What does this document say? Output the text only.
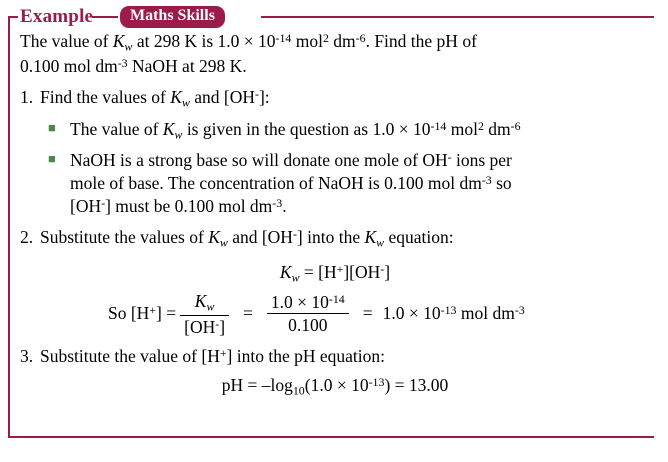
Example	Maths Skills

The value of $K_w$ at 298 K is $1.0 \times 10^{-14}$ mol$^2$ $dm^{-6}$. Find the pH of
0.100 mol $dm^{-3}$ NaOH at 298 K.

1. Find the values of $K_w$ and [OH-]:
■ The value of $K_w$ is given in the question as $1.0 \times 10^{-14}$ mol$^2$ $dm^{-6}$
■ NaOH is a strong base so will donate one mole of OH- ions per
mole of base. The concentration of NaOH is 0.100 mol $dm^{-3}$ so
[OH-] must be 0.100 mol $dm^{-3}$.
2. Substitute the values of $K_w$ and [OH-] into the $K_w$ equation:
$K_w = [H^+][OH^-]$
So $[H^+] = \frac{K_w}{[OH^-]} = \frac{1.0 \times 10^{-14}}{0.100} = 1.0 \times 10^{-13}$ mol $dm^{-3}$
3. Substitute the value of [H+] into the pH equation:
pH = $-\log_{10}(1.0 \times 10^{-13}) = 13.00$
